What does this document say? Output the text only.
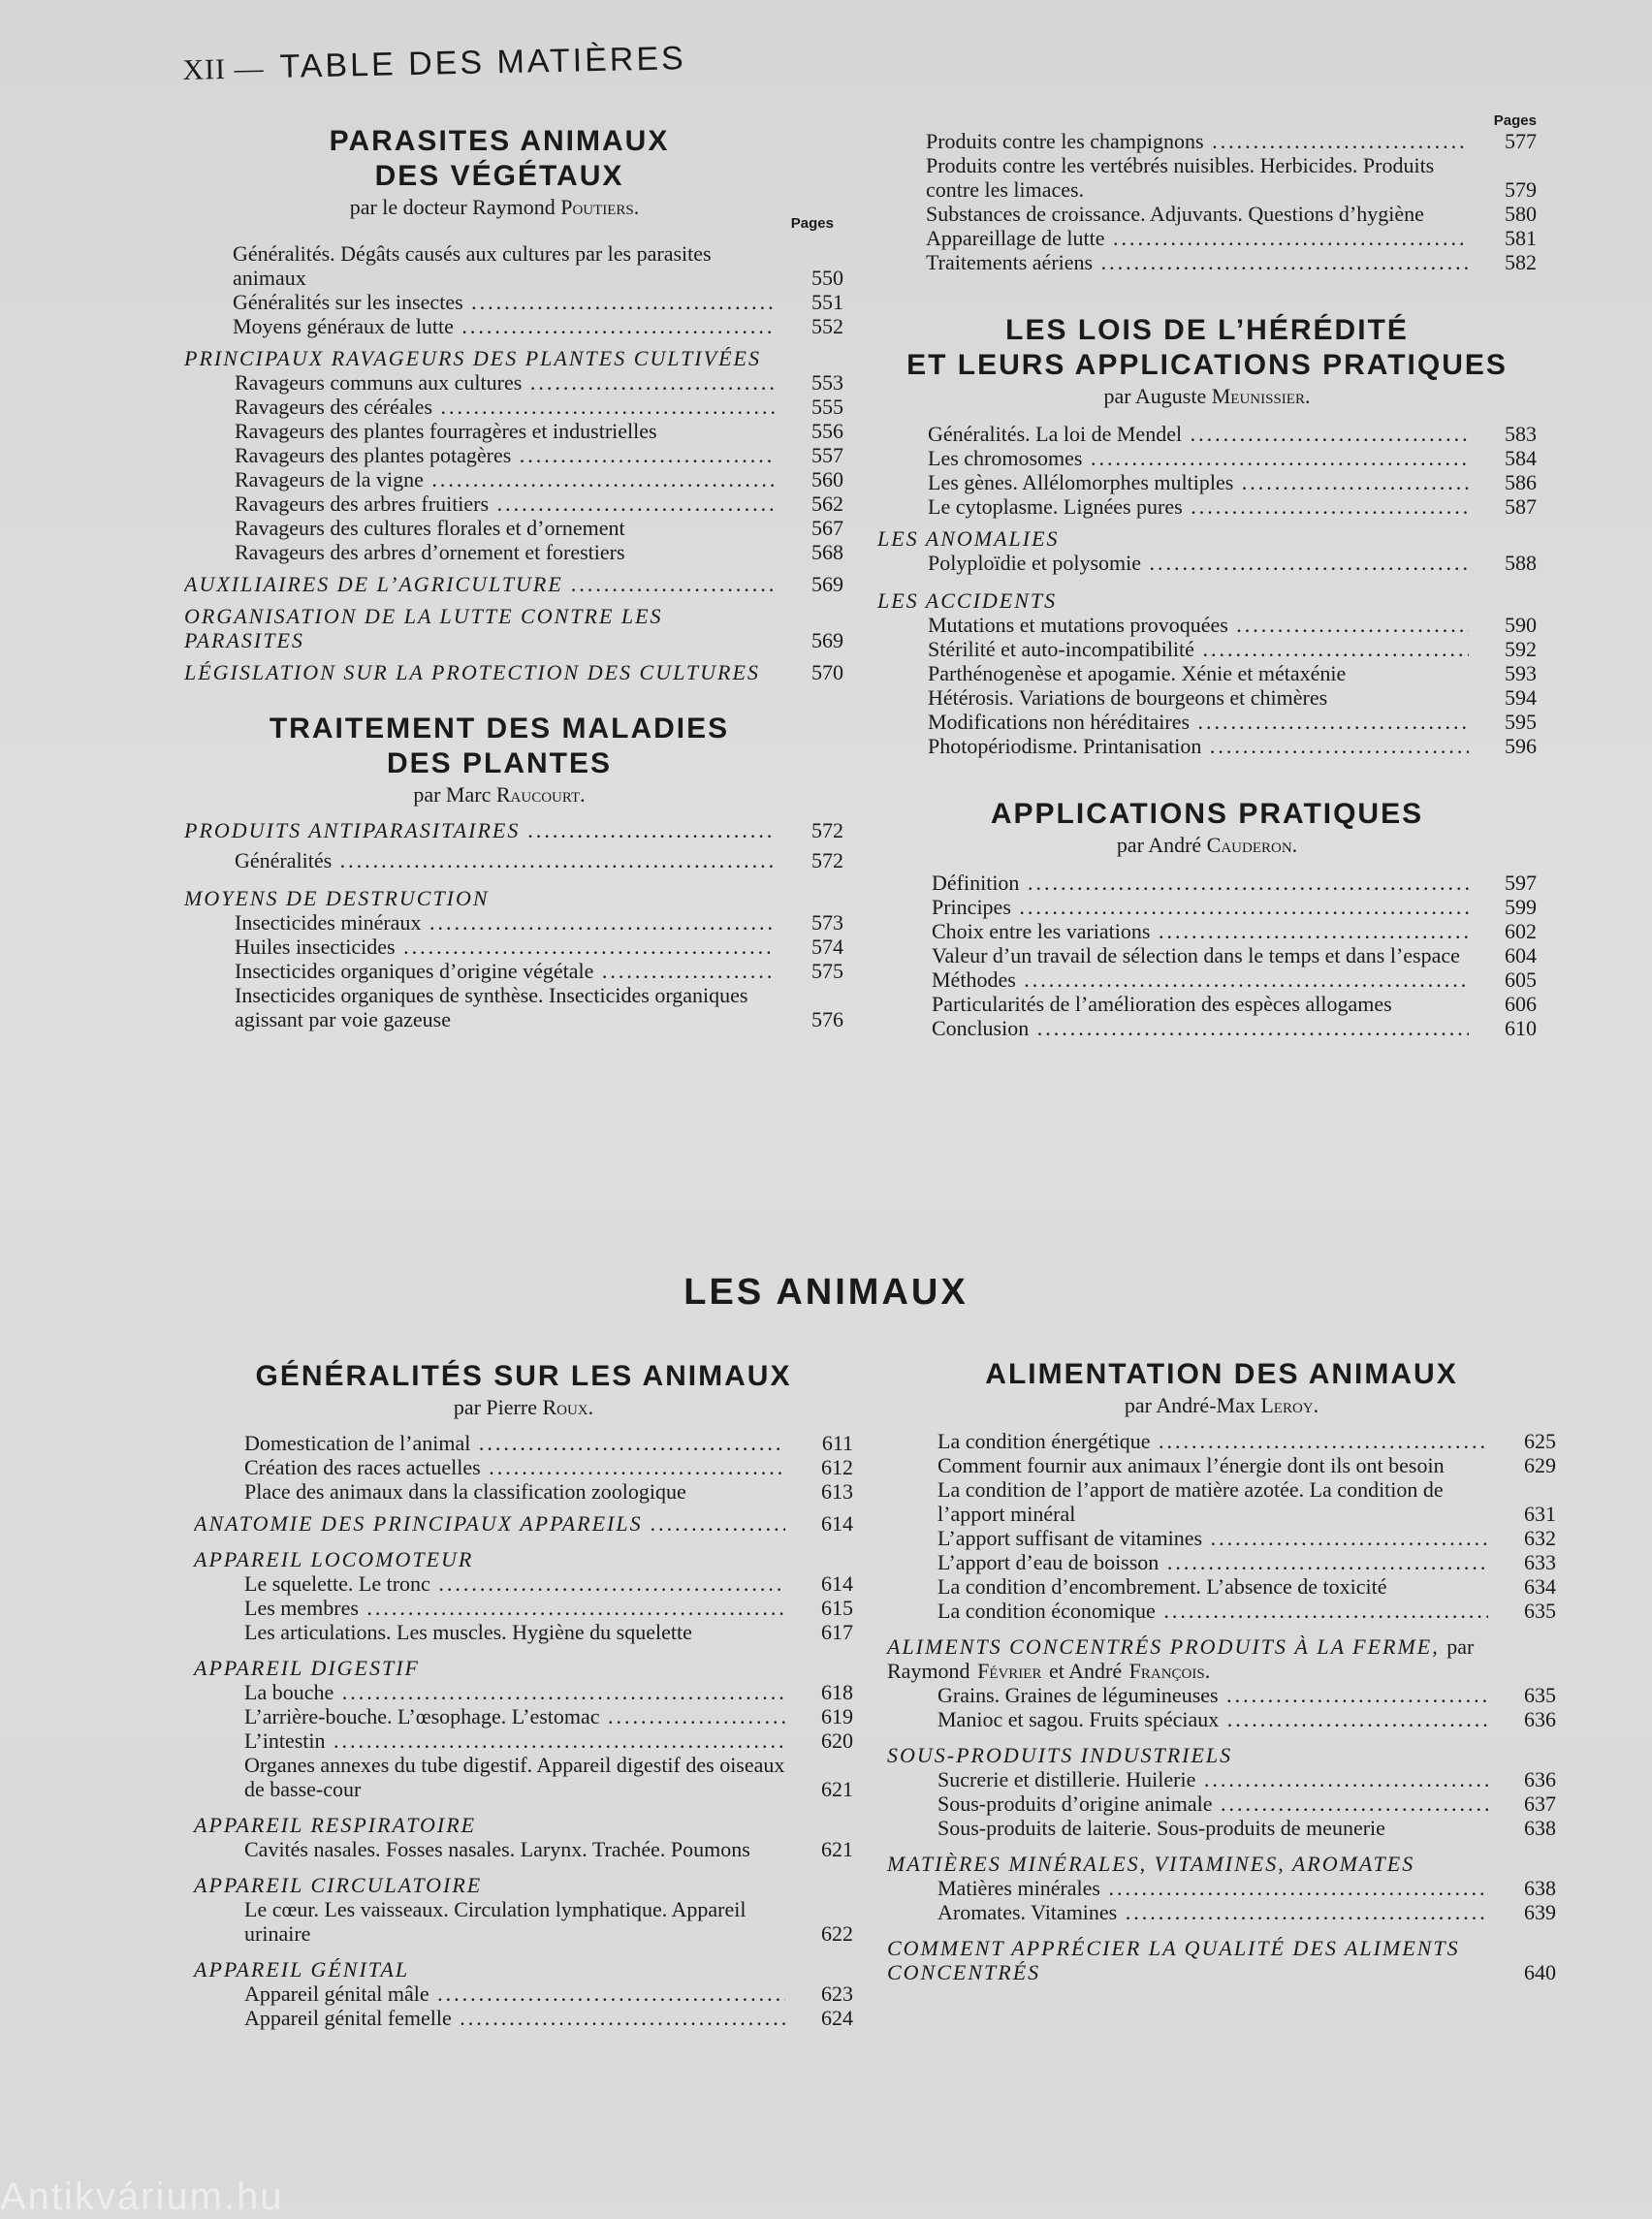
XII — TABLE DES MATIÈRES
PARASITES ANIMAUX
DES VÉGÉTAUX
par le docteur Raymond Poutiers.
Pages
Généralités. Dégâts causés aux cultures par les parasites animaux	550
Généralités sur les insectes .....	551
Moyens généraux de lutte .....	552
PRINCIPAUX RAVAGEURS DES PLANTES CULTIVÉES
Ravageurs communs aux cultures .....	553
Ravageurs des céréales .....	555
Ravageurs des plantes fourragères et industrielles	556
Ravageurs des plantes potagères .....	557
Ravageurs de la vigne .....	560
Ravageurs des arbres fruitiers .....	562
Ravageurs des cultures florales et d’ornement	567
Ravageurs des arbres d’ornement et forestiers	568
AUXILIAIRES DE L’AGRICULTURE .....	569
ORGANISATION DE LA LUTTE CONTRE LES PARASITES	569
LÉGISLATION SUR LA PROTECTION DES CULTURES	570
TRAITEMENT DES MALADIES
DES PLANTES
par Marc Raucourt.
PRODUITS ANTIPARASITAIRES .....	572
Généralités .....	572
MOYENS DE DESTRUCTION
Insecticides minéraux .....	573
Huiles insecticides .....	574
Insecticides organiques d’origine végétale .....	575
Insecticides organiques de synthèse. Insecticides organiques agissant par voie gazeuse	576
Pages
Produits contre les champignons .....	577
Produits contre les vertébrés nuisibles. Herbicides. Produits contre les limaces.	579
Substances de croissance. Adjuvants. Questions d’hygiène	580
Appareillage de lutte .....	581
Traitements aériens .....	582
LES LOIS DE L’HÉRÉDITÉ
ET LEURS APPLICATIONS PRATIQUES
par Auguste Meunissier.
Généralités. La loi de Mendel .....	583
Les chromosomes .....	584
Les gènes. Allélomorphes multiples .....	586
Le cytoplasme. Lignées pures .....	587
LES ANOMALIES
Polyploïdie et polysomie .....	588
LES ACCIDENTS
Mutations et mutations provoquées .....	590
Stérilité et auto-incompatibilité .....	592
Parthénogenèse et apogamie. Xénie et métaxénie	593
Hétérosis. Variations de bourgeons et chimères	594
Modifications non héréditaires .....	595
Photopériodisme. Printanisation .....	596
APPLICATIONS PRATIQUES
par André Cauderon.
Définition .....	597
Principes .....	599
Choix entre les variations .....	602
Valeur d’un travail de sélection dans le temps et dans l’espace	604
Méthodes .....	605
Particularités de l’amélioration des espèces allogames	606
Conclusion .....	610
LES ANIMAUX
GÉNÉRALITÉS SUR LES ANIMAUX
par Pierre Roux.
Domestication de l’animal .....	611
Création des races actuelles .....	612
Place des animaux dans la classification zoologique	613
ANATOMIE DES PRINCIPAUX APPAREILS .....	614
APPAREIL LOCOMOTEUR
Le squelette. Le tronc .....	614
Les membres .....	615
Les articulations. Les muscles. Hygiène du squelette	617
APPAREIL DIGESTIF
La bouche .....	618
L’arrière-bouche. L’œsophage. L’estomac .....	619
L’intestin .....	620
Organes annexes du tube digestif. Appareil digestif des oiseaux de basse-cour	621
APPAREIL RESPIRATOIRE
Cavités nasales. Fosses nasales. Larynx. Trachée. Poumons	621
APPAREIL CIRCULATOIRE
Le cœur. Les vaisseaux. Circulation lymphatique. Appareil urinaire	622
APPAREIL GÉNITAL
Appareil génital mâle .....	623
Appareil génital femelle .....	624
ALIMENTATION DES ANIMAUX
par André-Max Leroy.
La condition énergétique .....	625
Comment fournir aux animaux l’énergie dont ils ont besoin	629
La condition de l’apport de matière azotée. La condition de l’apport minéral	631
L’apport suffisant de vitamines .....	632
L’apport d’eau de boisson .....	633
La condition d’encombrement. L’absence de toxicité	634
La condition économique .....	635
ALIMENTS CONCENTRÉS PRODUITS À LA FERME, par Raymond Février et André François.
Grains. Graines de légumineuses .....	635
Manioc et sagou. Fruits spéciaux .....	636
SOUS-PRODUITS INDUSTRIELS
Sucrerie et distillerie. Huilerie .....	636
Sous-produits d’origine animale .....	637
Sous-produits de laiterie. Sous-produits de meunerie	638
MATIÈRES MINÉRALES, VITAMINES, AROMATES
Matières minérales .....	638
Aromates. Vitamines .....	639
COMMENT APPRÉCIER LA QUALITÉ DES ALIMENTS CONCENTRÉS	640
Antikvárium.hu
